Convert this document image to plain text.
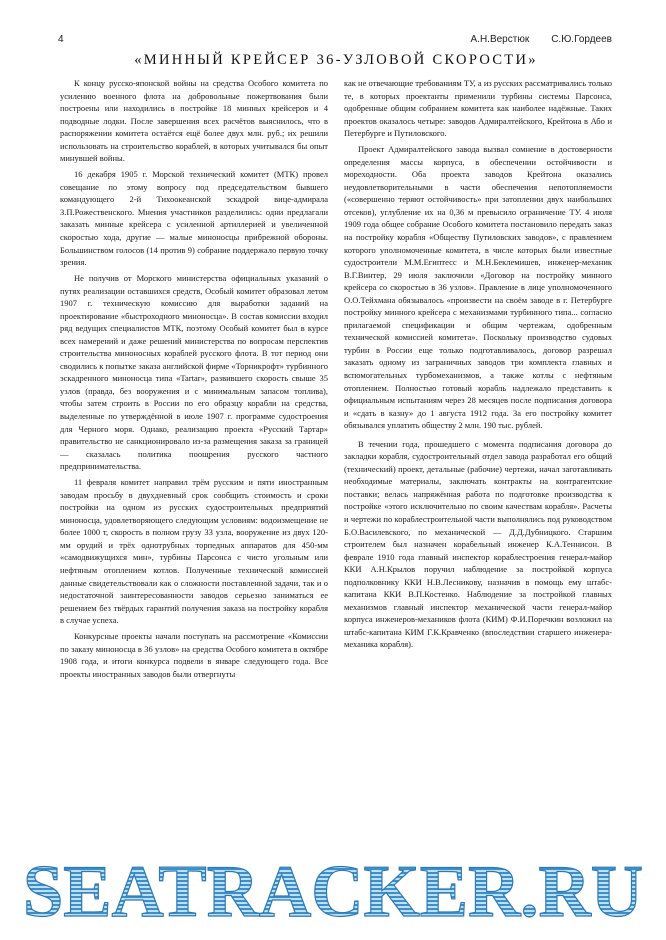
4	А.Н.Верстюк С.Ю.Гордеев
«МИННЫЙ КРЕЙСЕР 36-УЗЛОВОЙ СКОРОСТИ»

К концу русско-японской войны на средства Особого комитета по усилению военного флота на добровольные пожертвования были построены или находились в постройке 18 минных крейсеров и 4 подводные лодки. После завершения всех расчётов выяснилось, что в распоряжении комитета остаётся ещё более двух млн. руб.; их решили использовать на строительство кораблей, в которых учитывался бы опыт минувшей войны.

16 декабря 1905 г. Морской технический комитет (МТК) провел совещание по этому вопросу под председательством бывшего командующего 2-й Тихоокеанской эскадрой вице-адмирала З.П.Рожественского. Мнения участников разделились: одни предлагали заказать минные крейсера с усиленной артиллерией и увеличенной скоростью хода, другие — малые миноносцы прибрежной обороны. Большинством голосов (14 против 9) собрание поддержало первую точку зрения.

Не получив от Морского министерства официальных указаний о путях реализации оставшихся средств, Особый комитет образовал летом 1907 г. техническую комиссию для выработки заданий на проектирование «быстроходного миноносца». В состав комиссии входил ряд ведущих специалистов МТК, поэтому Особый комитет был в курсе всех намерений и даже решений министерства по вопросам перспектив строительства миноносных кораблей русского флота. В тот период они сводились к попытке заказа английской фирме «Торникрофт» турбинного эскадренного миноносца типа «Tartar», развившего скорость свыше 35 узлов (правда, без вооружения и с минимальным запасом топлива), чтобы затем строить в России по его образцу корабли на средства, выделенные по утверждённой в июле 1907 г. программе судостроения для Черного моря. Однако, реализацию проекта «Русский Тартар» правительство не санкционировало из-за размещения заказа за границей — сказалась политика поощрения русского частного предпринимательства.

11 февраля комитет направил трём русским и пяти иностранным заводам просьбу в двухдневный срок сообщить стоимость и сроки постройки на одном из русских судостроительных предприятий миноносца, удовлетворяющего следующим условиям: водоизмещение не более 1000 т, скорость в полном грузу 33 узла, вооружение из двух 120-мм орудий и трёх однотрубных торпедных аппаратов для 450-мм «самодвижущихся мин», турбины Парсонса с чисто угольным или нефтяным отоплением котлов. Полученные технической комиссией данные свидетельствовали как о сложности поставленной задачи, так и о недостаточной заинтересованности заводов серьезно заниматься ее решением без твёрдых гарантий получения заказа на постройку корабля в случае успеха.

Конкурсные проекты начали поступать на рассмотрение «Комиссии по заказу миноносца в 36 узлов» на средства Особого комитета в октябре 1908 года, и итоги конкурса подвели в январе следующего года. Все проекты иностранных заводов были отвергнуты

как не отвечающие требованиям ТУ, а из русских рассматривались только те, в которых проектанты применили турбины системы Парсонса, одобренные общим собранием комитета как наиболее надёжные. Таких проектов оказалось четыре: заводов Адмиралтейского, Крейтона в Або и Петербурге и Путиловского.

Проект Адмиралтейского завода вызвал сомнение в достоверности определения массы корпуса, в обеспечении остойчивости и мореходности. Оба проекта заводов Крейтона оказались неудовлетворительными в части обеспечения непотопляемости («совершенно теряют остойчивость» при затоплении двух наибольших отсеков), углубление их на 0,36 м превысило ограничение ТУ. 4 июля 1909 года общее собрание Особого комитета постановило передать заказ на постройку корабля «Обществу Путиловских заводов», с правлением которого уполномоченные комитета, в числе которых были известные судостроители М.М.Египтесс и М.Н.Беклемишев, инженер-механик В.Г.Винтер, 29 июля заключили «Договор на постройку минного крейсера со скоростью в 36 узлов». Правление в лице уполномоченного О.О.Тейхмана обязывалось «произвести на своём заводе в г. Петербурге постройку минного крейсера с механизмами турбинного типа... согласно прилагаемой спецификации и общим чертежам, одобренным технической комиссией комитета». Поскольку производство судовых турбин в России еще только подготавливалось, договор разрешал заказать одному из заграничных заводов три комплекта главных и вспомогательных турбомеханизмов, а также котлы с нефтяным отоплением. Полностью готовый корабль надлежало представить к официальным испытаниям через 28 месяцев после подписания договора и «сдать в казну» до 1 августа 1912 года. За его постройку комитет обязывался уплатить обществу 2 млн. 190 тыс. рублей.

В течении года, прошедшего с момента подписания договора до закладки корабля, судостроительный отдел завода разработал его общий (технический) проект, детальные (рабочие) чертежи, начал заготавливать необходимые материалы, заключать контракты на контрагентские поставки; велась напряжённая работа по подготовке производства к постройке «этого исключительно по своим качествам корабля». Расчеты и чертежи по кораблестроительной части выполнялись под руководством Б.О.Василевского, по механической — Д.Д.Дубницкого. Старшим строителем был назначен корабельный инженер К.А.Теннисон. В феврале 1910 года главный инспектор кораблестроения генерал-майор ККИ А.Н.Крылов поручил наблюдение за постройкой корпуса подполковнику ККИ Н.В.Лесникову, назначив в помощь ему штабс-капитана ККИ В.П.Костенко. Наблюдение за постройкой главных механизмов главный инспектор механической части генерал-майор корпуса инженеров-механиков флота (КИМ) Ф.И.Поречкин возложил на штабс-капитана КИМ Г.К.Кравченко (впоследствии старшего инженера-механика корабля).

SEATRACKER.RU
